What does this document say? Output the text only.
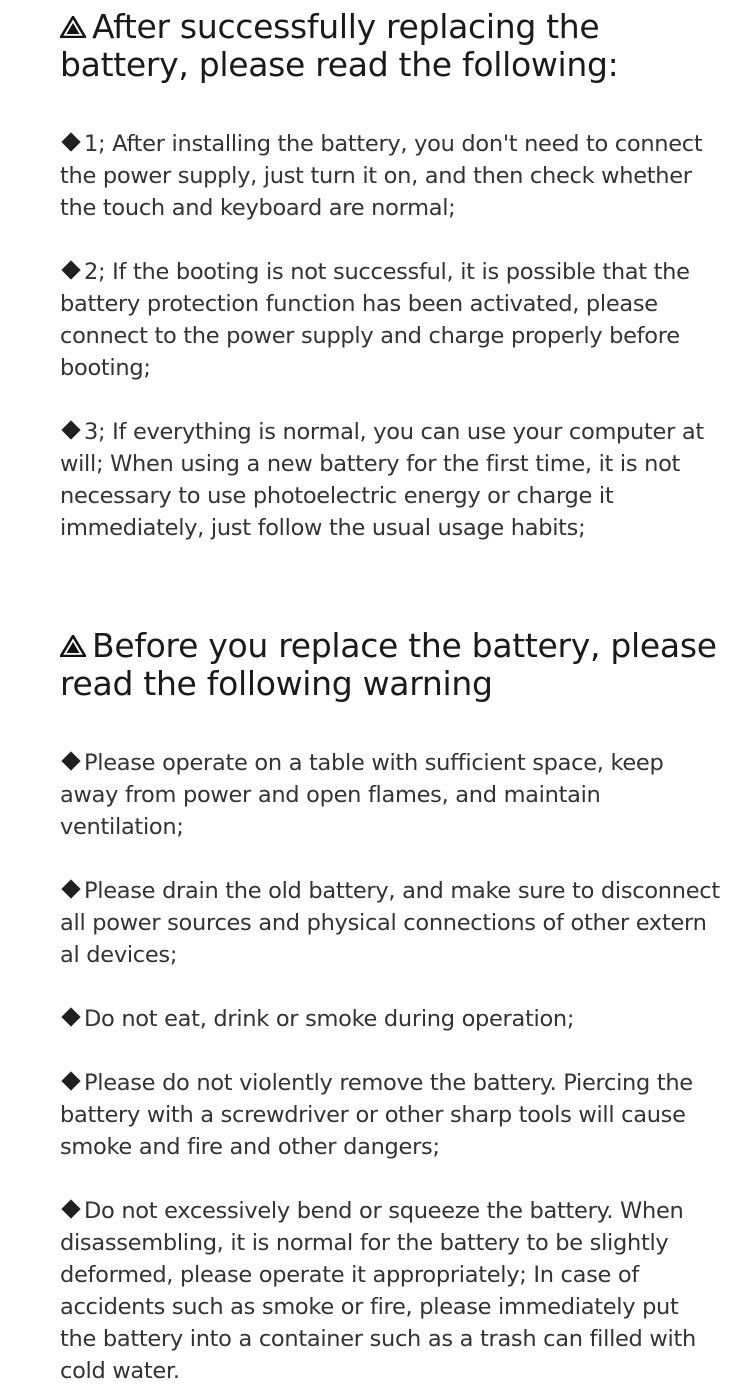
After successfully replacing the battery, please read the following:

1; After installing the battery, you don't need to connect the power supply, just turn it on, and then check whether the touch and keyboard are normal;

2; If the booting is not successful, it is possible that the battery protection function has been activated, please connect to the power supply and charge properly before booting;

3; If everything is normal, you can use your computer at will; When using a new battery for the first time, it is not necessary to use photoelectric energy or charge it immediately, just follow the usual usage habits;

Before you replace the battery, please read the following warning

Please operate on a table with sufficient space, keep away from power and open flames, and maintain ventilation;

Please drain the old battery, and make sure to disconnect all power sources and physical connections of other extern al devices;

Do not eat, drink or smoke during operation;

Please do not violently remove the battery. Piercing the battery with a screwdriver or other sharp tools will cause smoke and fire and other dangers;

Do not excessively bend or squeeze the battery. When disassembling, it is normal for the battery to be slightly deformed, please operate it appropriately; In case of accidents such as smoke or fire, please immediately put the battery into a container such as a trash can filled with cold water.
